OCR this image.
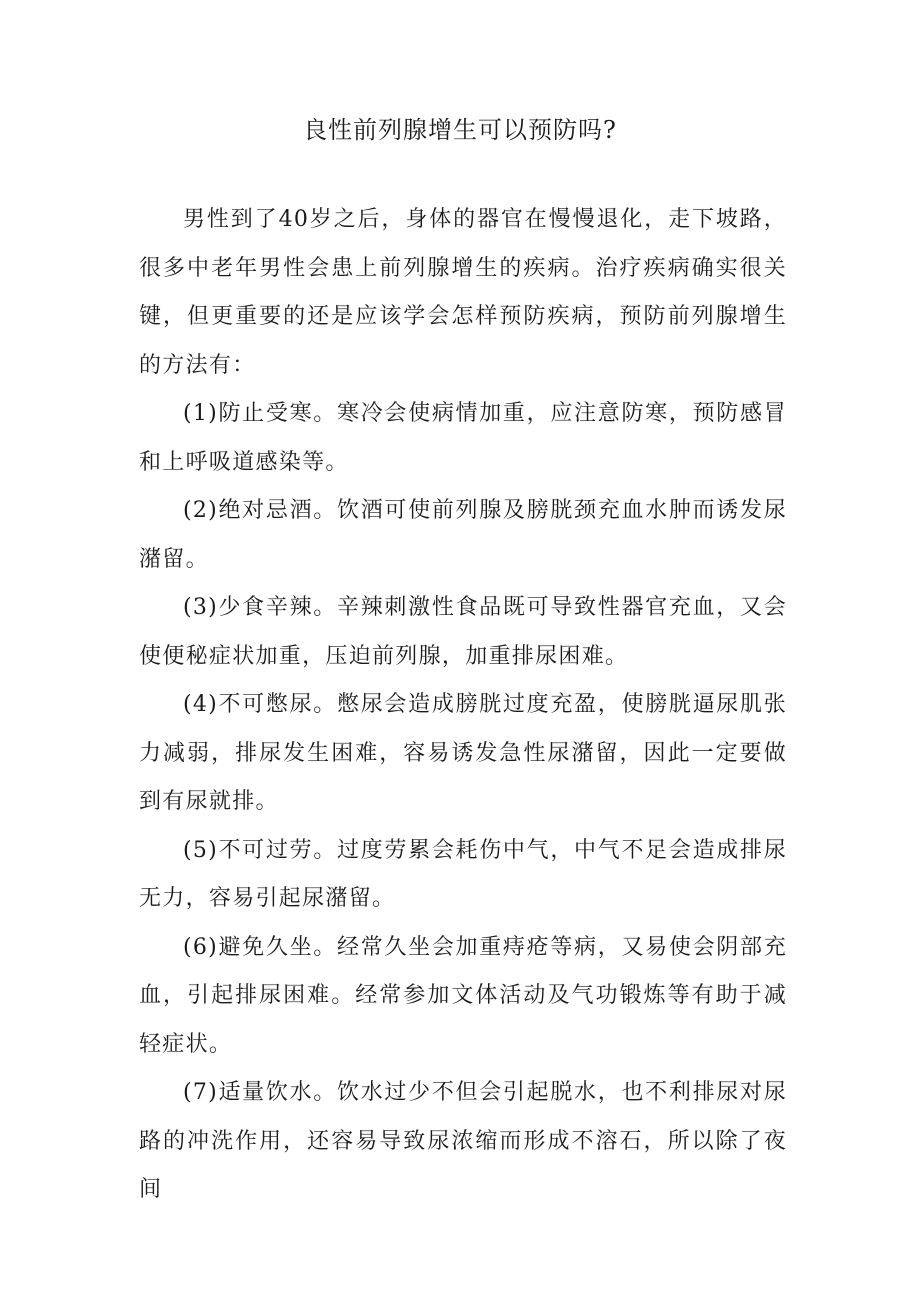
良性前列腺增生可以预防吗?

男性到了40岁之后，身体的器官在慢慢退化，走下坡路，很多中老年男性会患上前列腺增生的疾病。治疗疾病确实很关键，但更重要的还是应该学会怎样预防疾病，预防前列腺增生的方法有：

(1)防止受寒。寒冷会使病情加重，应注意防寒，预防感冒和上呼吸道感染等。

(2)绝对忌酒。饮酒可使前列腺及膀胱颈充血水肿而诱发尿潴留。

(3)少食辛辣。辛辣刺激性食品既可导致性器官充血，又会使便秘症状加重，压迫前列腺，加重排尿困难。

(4)不可憋尿。憋尿会造成膀胱过度充盈，使膀胱逼尿肌张力减弱，排尿发生困难，容易诱发急性尿潴留，因此一定要做到有尿就排。

(5)不可过劳。过度劳累会耗伤中气，中气不足会造成排尿无力，容易引起尿潴留。

(6)避免久坐。经常久坐会加重痔疮等病，又易使会阴部充血，引起排尿困难。经常参加文体活动及气功锻炼等有助于减轻症状。

(7)适量饮水。饮水过少不但会引起脱水，也不利排尿对尿路的冲洗作用，还容易导致尿浓缩而形成不溶石，所以除了夜间
